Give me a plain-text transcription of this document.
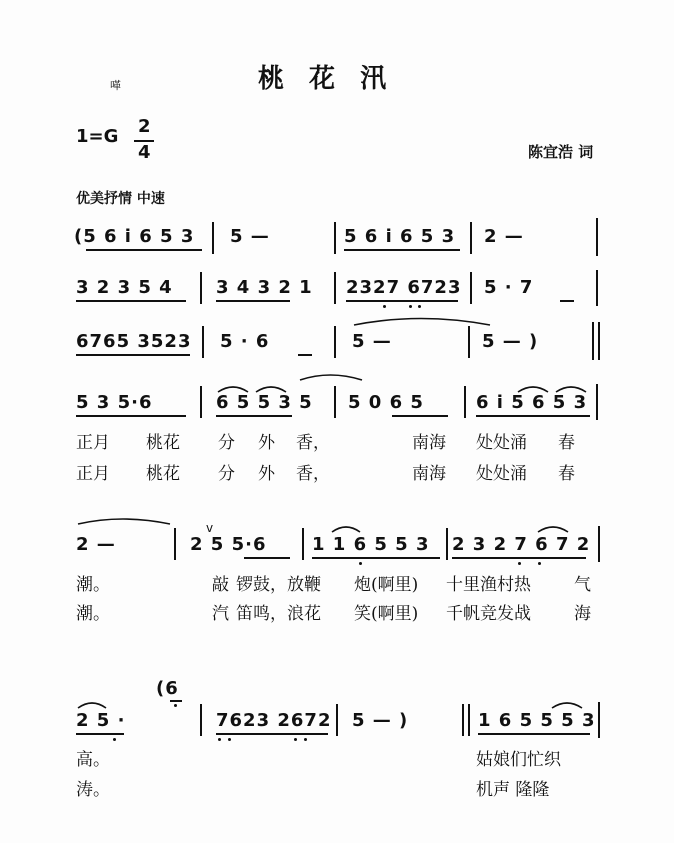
㗆	桃 花 汛
1=G 2
4	陈宜浩 词
优美抒情 中速
(5 6 i 6 5 3 5 —	5 6 i 6 5 3 2 —
3 2 3 5 4 3 4 3 2 1 2327 6723 5 · 7
6765 3523 5 · 6	5 —	5 — )
5 3 5·6	6 5 5 3 5 5 0 6 5	6 i 5 6 5 3
正月 桃花 分 外 香，	南海 处处涌 春
正月 桃花 分 外 香，	南海 处处涌 春
v
2 —	2 5 5·6	1 1 6 5 5 3 2 3 2 7 6 7 2
潮。	敲 锣鼓，放鞭 炮(啊里) 十里渔村热	气
潮。	汽 笛鸣，浪花 笑(啊里) 千帆竞发战	海
(6
2 5 ·	7623 2672 5 — )	1 6 5 5 5 3
高。	姑娘们忙织
涛。	机声 隆隆
